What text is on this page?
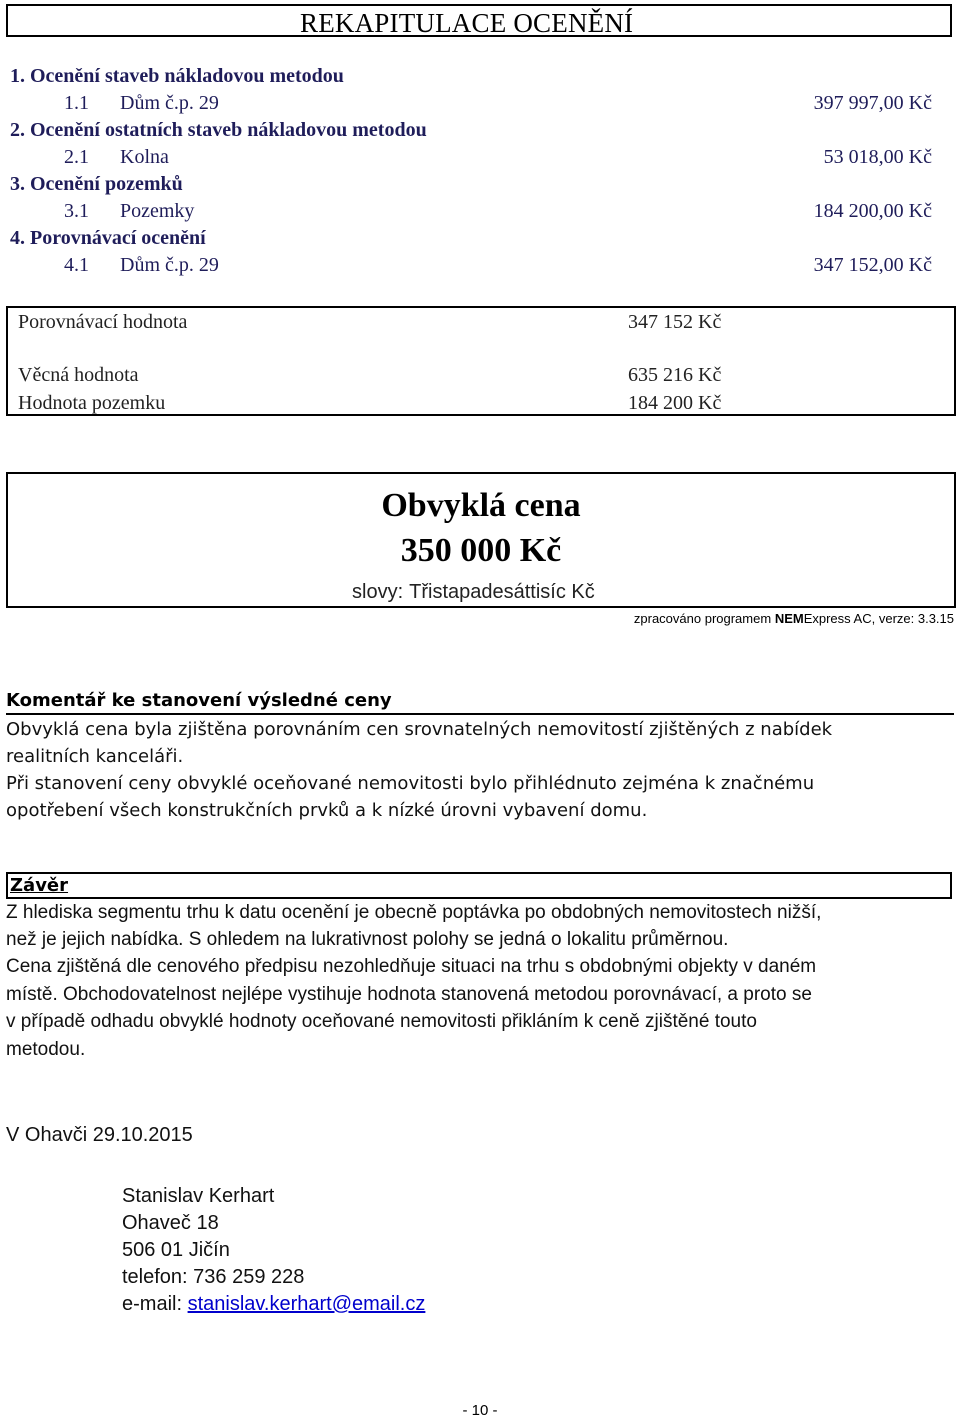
REKAPITULACE OCENĚNÍ
1. Ocenění staveb nákladovou metodou
1.1 Dům č.p. 29	397 997,00 Kč
2. Ocenění ostatních staveb nákladovou metodou
2.1 Kolna	53 018,00 Kč
3. Ocenění pozemků
3.1 Pozemky	184 200,00 Kč
4. Porovnávací ocenění
4.1 Dům č.p. 29	347 152,00 Kč
Porovnávací hodnota	347 152 Kč
Věcná hodnota	635 216 Kč
Hodnota pozemku	184 200 Kč
Obvyklá cena
350 000 Kč
slovy: Třistapadesáttisíc Kč
zpracováno programem NEMExpress AC, verze: 3.3.15
Komentář ke stanovení výsledné ceny
Obvyklá cena byla zjištěna porovnáním cen srovnatelných nemovitostí zjištěných z nabídek
realitních kanceláři.
Při stanovení ceny obvyklé oceňované nemovitosti bylo přihlédnuto zejména k značnému
opotřebení všech konstrukčních prvků a k nízké úrovni vybavení domu.
Závěr
Z hlediska segmentu trhu k datu ocenění je obecně poptávka po obdobných nemovitostech nižší,
než je jejich nabídka. S ohledem na lukrativnost polohy se jedná o lokalitu průměrnou.
Cena zjištěná dle cenového předpisu nezohledňuje situaci na trhu s obdobnými objekty v daném
místě. Obchodovatelnost nejlépe vystihuje hodnota stanovená metodou porovnávací, a proto se
v případě odhadu obvyklé hodnoty oceňované nemovitosti přikláním k ceně zjištěné touto
metodou.
V Ohavči 29.10.2015
Stanislav Kerhart
Ohaveč 18
506 01 Jičín
telefon: 736 259 228
e-mail: stanislav.kerhart@email.cz
- 10 -
